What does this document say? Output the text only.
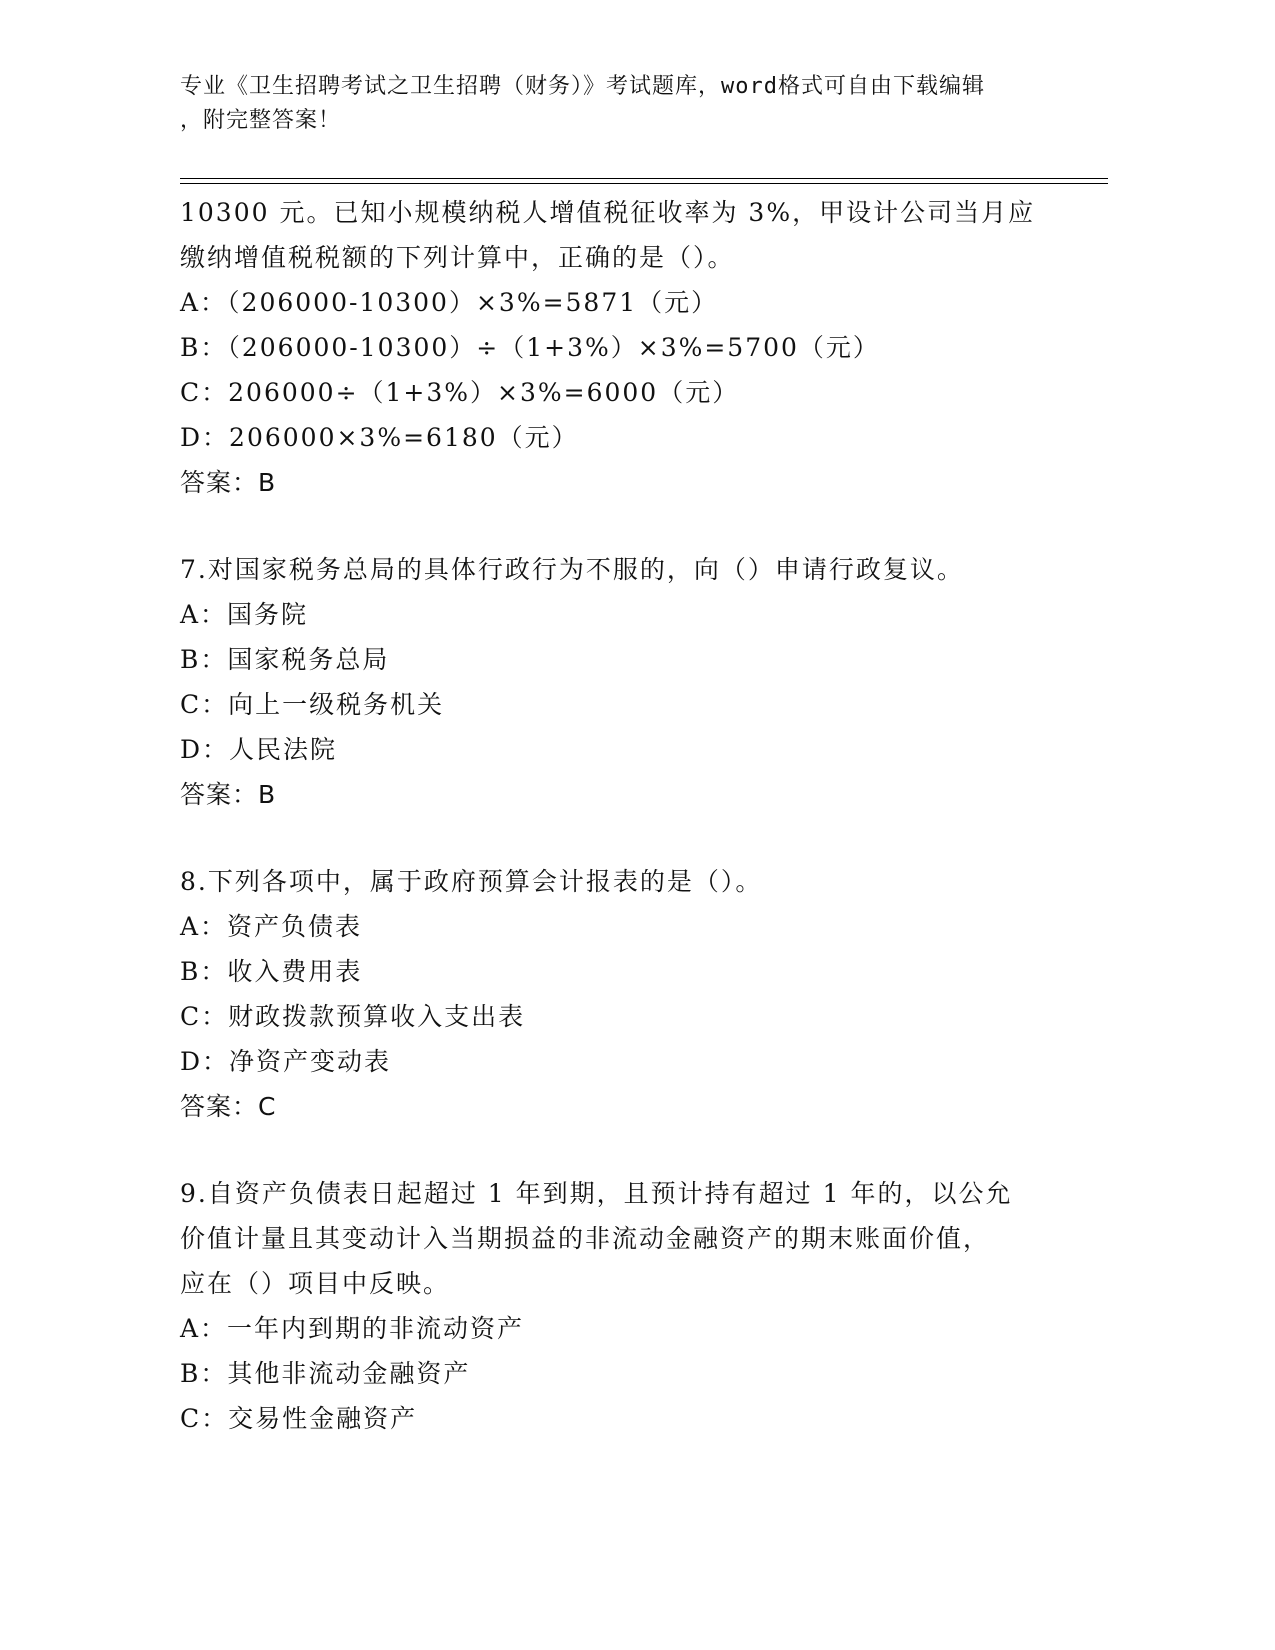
专业《卫生招聘考试之卫生招聘（财务）》考试题库，word格式可自由下载编辑
，附完整答案！
10300 元。已知小规模纳税人增值税征收率为 3%，甲设计公司当月应
缴纳增值税税额的下列计算中，正确的是（）。
A：（206000-10300）×3%=5871（元）
B：（206000-10300）÷（1+3%）×3%=5700（元）
C：206000÷（1+3%）×3%=6000（元）
D：206000×3%=6180（元）
答案：B
7.对国家税务总局的具体行政行为不服的，向（）申请行政复议。
A：国务院
B：国家税务总局
C：向上一级税务机关
D：人民法院
答案：B
8.下列各项中，属于政府预算会计报表的是（）。
A：资产负债表
B：收入费用表
C：财政拨款预算收入支出表
D：净资产变动表
答案：C
9.自资产负债表日起超过 1 年到期，且预计持有超过 1 年的，以公允
价值计量且其变动计入当期损益的非流动金融资产的期末账面价值，
应在（）项目中反映。
A：一年内到期的非流动资产
B：其他非流动金融资产
C：交易性金融资产
